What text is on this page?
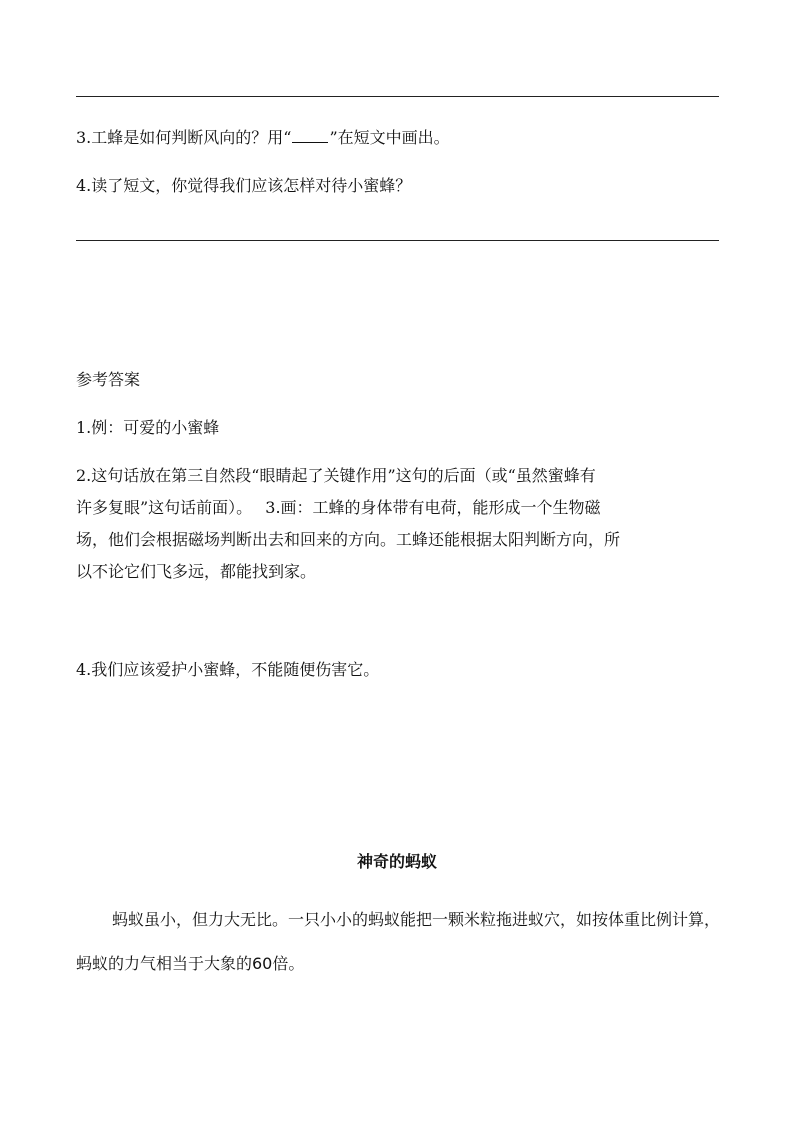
3.工蜂是如何判断风向的？用“ ”在短文中画出。
4.读了短文，你觉得我们应该怎样对待小蜜蜂？
参考答案
1.例：可爱的小蜜蜂
2.这句话放在第三自然段“眼睛起了关键作用”这句的后面（或“虽然蜜蜂有
许多复眼”这句话前面）。　 3.画：工蜂的身体带有电荷，能形成一个生物磁
场，他们会根据磁场判断出去和回来的方向。工蜂还能根据太阳判断方向，所
以不论它们飞多远，都能找到家。
4.我们应该爱护小蜜蜂，不能随便伤害它。
神奇的蚂蚁
蚂蚁虽小，但力大无比。一只小小的蚂蚁能把一颗米粒拖进蚁穴，如按体重比例计算，蚂蚁的力气相当于大象的60倍。
